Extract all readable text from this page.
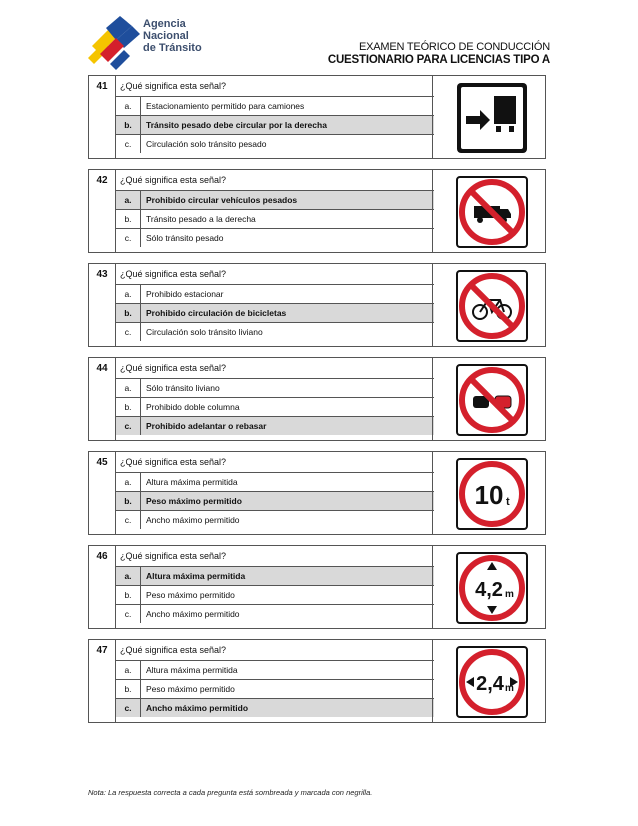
Agencia
Nacional
de Tránsito	EXAMEN TEÓRICO DE CONDUCCIÓN
CUESTIONARIO PARA LICENCIAS TIPO A
41	¿Qué significa esta señal?
a.	Estacionamiento permitido para camiones
b.	Tránsito pesado debe circular por la derecha
c.	Circulación solo tránsito pesado
42	¿Qué significa esta señal?
a.	Prohibido circular vehículos pesados
b.	Tránsito pesado a la derecha
c.	Sólo tránsito pesado
43	¿Qué significa esta señal?
a.	Prohibido estacionar
b.	Prohibido circulación de bicicletas
c.	Circulación solo tránsito liviano
44	¿Qué significa esta señal?
a.	Sólo tránsito liviano
b.	Prohibido doble columna
c.	Prohibido adelantar o rebasar
45	¿Qué significa esta señal?
a.	Altura máxima permitida
b.	Peso máximo permitido
c.	Ancho máximo permitido
10 t
46	¿Qué significa esta señal?
a.	Altura máxima permitida
b.	Peso máximo permitido
c.	Ancho máximo permitido
4,2 m
47	¿Qué significa esta señal?
a.	Altura máxima permitida
b.	Peso máximo permitido
c.	Ancho máximo permitido
2,4 m
Nota: La respuesta correcta a cada pregunta está sombreada y marcada con negrilla.
